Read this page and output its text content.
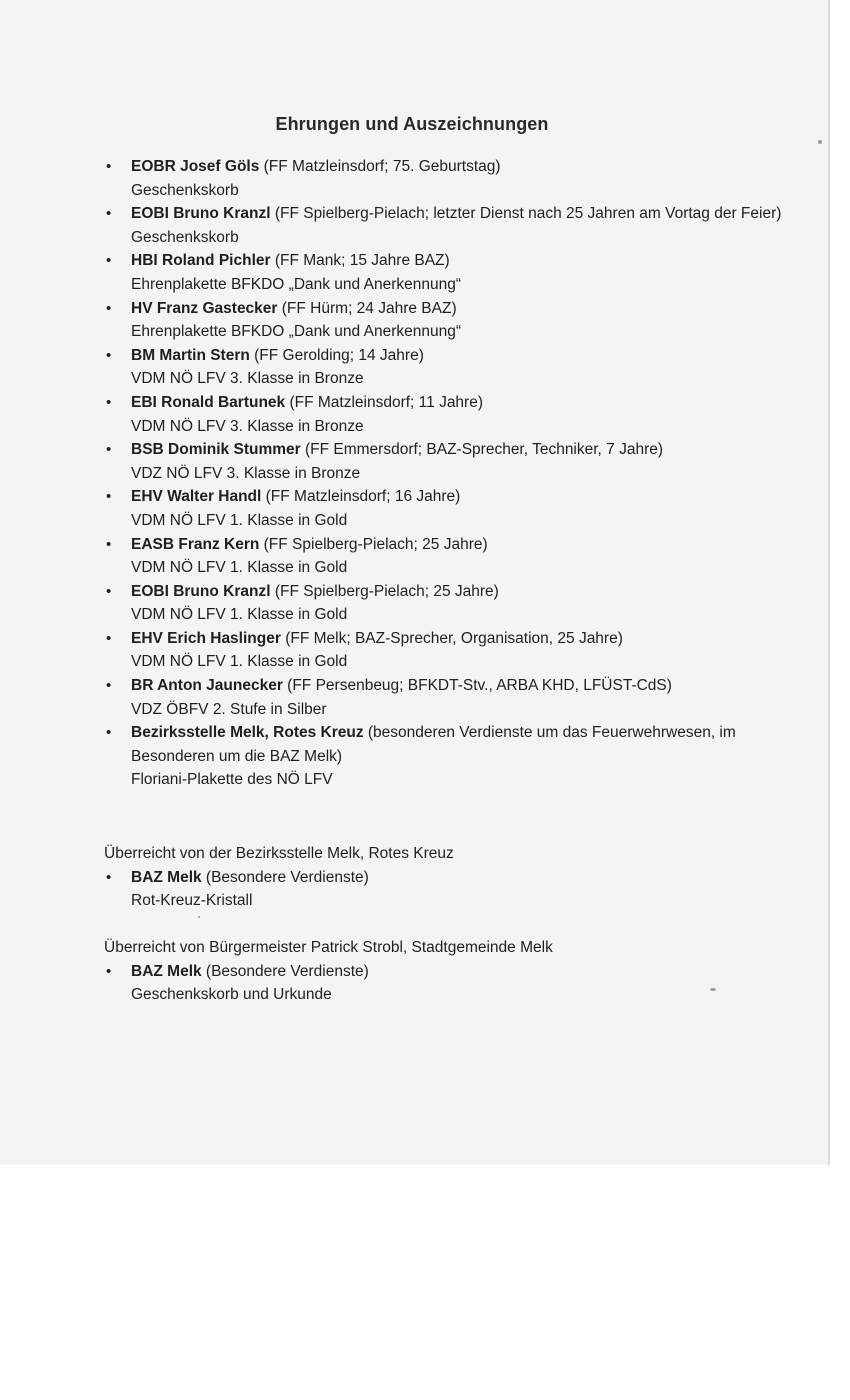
Ehrungen und Auszeichnungen
• EOBR Josef Göls (FF Matzleinsdorf; 75. Geburtstag)
Geschenkskorb
• EOBI Bruno Kranzl (FF Spielberg-Pielach; letzter Dienst nach 25 Jahren am Vortag der Feier)
Geschenkskorb
• HBI Roland Pichler (FF Mank; 15 Jahre BAZ)
Ehrenplakette BFKDO „Dank und Anerkennung“
• HV Franz Gastecker (FF Hürm; 24 Jahre BAZ)
Ehrenplakette BFKDO „Dank und Anerkennung“
• BM Martin Stern (FF Gerolding; 14 Jahre)
VDM NÖ LFV 3. Klasse in Bronze
• EBI Ronald Bartunek (FF Matzleinsdorf; 11 Jahre)
VDM NÖ LFV 3. Klasse in Bronze
• BSB Dominik Stummer (FF Emmersdorf; BAZ-Sprecher, Techniker, 7 Jahre)
VDZ NÖ LFV 3. Klasse in Bronze
• EHV Walter Handl (FF Matzleinsdorf; 16 Jahre)
VDM NÖ LFV 1. Klasse in Gold
• EASB Franz Kern (FF Spielberg-Pielach; 25 Jahre)
VDM NÖ LFV 1. Klasse in Gold
• EOBI Bruno Kranzl (FF Spielberg-Pielach; 25 Jahre)
VDM NÖ LFV 1. Klasse in Gold
• EHV Erich Haslinger (FF Melk; BAZ-Sprecher, Organisation, 25 Jahre)
VDM NÖ LFV 1. Klasse in Gold
• BR Anton Jaunecker (FF Persenbeug; BFKDT-Stv., ARBA KHD, LFÜST-CdS)
VDZ ÖBFV 2. Stufe in Silber
• Bezirksstelle Melk, Rotes Kreuz (besonderen Verdienste um das Feuerwehrwesen, im Besonderen um die BAZ Melk)
Floriani-Plakette des NÖ LFV
Überreicht von der Bezirksstelle Melk, Rotes Kreuz
• BAZ Melk (Besondere Verdienste)
Rot-Kreuz-Kristall
Überreicht von Bürgermeister Patrick Strobl, Stadtgemeinde Melk
• BAZ Melk (Besondere Verdienste)
Geschenkskorb und Urkunde
